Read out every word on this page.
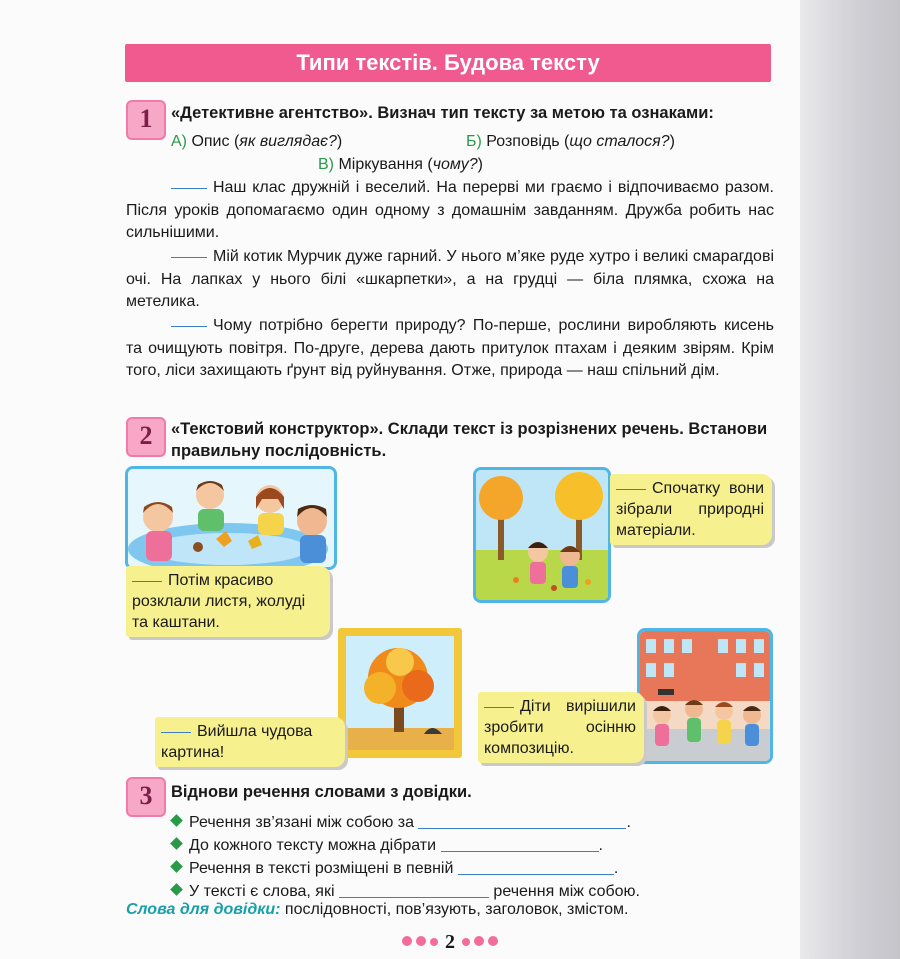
Типи текстів. Будова тексту
1	«Детективне агентство». Визнач тип тексту за метою та ознаками:
А) Опис (як виглядає?)	Б) Розповідь (що сталося?)
В) Міркування (чому?)
Наш клас дружній і веселий. На перерві ми граємо і відпочиваємо разом. Після уроків допомагаємо один одному з домашнім завданням. Дружба робить нас сильнішими.
Мій котик Мурчик дуже гарний. У нього м’яке руде хутро і великі смарагдові очі. На лапках у нього білі «шкарпетки», а на грудці — біла плямка, схожа на метелика.
Чому потрібно берегти природу? По-перше, рослини виробляють кисень та очищують повітря. По-друге, дерева дають притулок птахам і деяким звірям. Крім того, ліси захищають ґрунт від руйнування. Отже, природа — наш спільний дім.
2	«Текстовий конструктор». Склади текст із розрізнених речень. Встанови правильну послідовність.
Потім красиво розклали листя, жолуді та каштани.
Спочатку вони зібрали природні матеріали.
Вийшла чудова картина!
Діти вирішили зробити осінню композицію.
3	Віднови речення словами з довідки.
Речення зв’язані між собою за	.
До кожного тексту можна дібрати	.
Речення в тексті розміщені в певній	.
У тексті є слова, які	речення між собою.
Слова для довідки: послідовності, пов’язують, заголовок, змістом.
2
